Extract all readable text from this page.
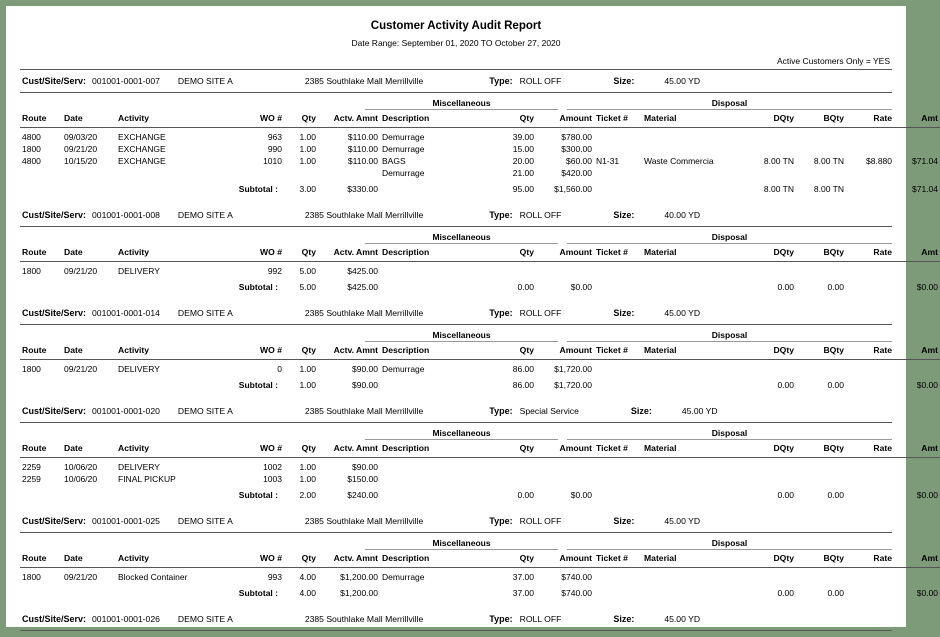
Customer Activity Audit Report
Date Range: September 01, 2020 TO October 27, 2020
Active Customers Only = YES
Cust/Site/Serv: 001001-0001-007 DEMO SITE A	2385 Southlake Mall Merrillville	Type: ROLL OFF	Size:	45.00 YD
Miscellaneous	Disposal
Route	Date	Activity	WO #	Qty	Actv. Amnt	Description	Qty	Amount	Ticket #	Material	DQty	BQty	Rate	Amt

4800	09/03/20	EXCHANGE	963	1.00	$110.00	Demurrage	39.00	$780.00						
1800	09/21/20	EXCHANGE	990	1.00	$110.00	Demurrage	15.00	$300.00						
4800	10/15/20	EXCHANGE	1010	1.00	$110.00	BAGS	20.00	$60.00	N1-31	Waste Commercia	8.00 TN	8.00 TN	$8.880	$71.04
						Demurrage	21.00	$420.00						
			Subtotal :	3.00	$330.00		95.00	$1,560.00			8.00 TN	8.00 TN		$71.04
Cust/Site/Serv: 001001-0001-008 DEMO SITE A	2385 Southlake Mall Merrillville	Type: ROLL OFF	Size:	40.00 YD
Miscellaneous	Disposal
Route	Date	Activity	WO #	Qty	Actv. Amnt	Description	Qty	Amount	Ticket #	Material	DQty	BQty	Rate	Amt

1800	09/21/20	DELIVERY	992	5.00	$425.00									
			Subtotal :	5.00	$425.00		0.00	$0.00			0.00	0.00		$0.00
Cust/Site/Serv: 001001-0001-014 DEMO SITE A	2385 Southlake Mall Merrillville	Type: ROLL OFF	Size:	45.00 YD
Miscellaneous	Disposal
Route	Date	Activity	WO #	Qty	Actv. Amnt	Description	Qty	Amount	Ticket #	Material	DQty	BQty	Rate	Amt

1800	09/21/20	DELIVERY	0	1.00	$90.00	Demurrage	86.00	$1,720.00						
			Subtotal :	1.00	$90.00		86.00	$1,720.00			0.00	0.00		$0.00
Cust/Site/Serv: 001001-0001-020 DEMO SITE A	2385 Southlake Mall Merrillville	Type: Special Service	Size:	45.00 YD
Miscellaneous	Disposal
Route	Date	Activity	WO #	Qty	Actv. Amnt	Description	Qty	Amount	Ticket #	Material	DQty	BQty	Rate	Amt

2259	10/06/20	DELIVERY	1002	1.00	$90.00									
2259	10/06/20	FINAL PICKUP	1003	1.00	$150.00									
			Subtotal :	2.00	$240.00		0.00	$0.00			0.00	0.00		$0.00
Cust/Site/Serv: 001001-0001-025 DEMO SITE A	2385 Southlake Mall Merrillville	Type: ROLL OFF	Size:	45.00 YD
Miscellaneous	Disposal
Route	Date	Activity	WO #	Qty	Actv. Amnt	Description	Qty	Amount	Ticket #	Material	DQty	BQty	Rate	Amt

1800	09/21/20	Blocked Container	993	4.00	$1,200.00	Demurrage	37.00	$740.00						
			Subtotal :	4.00	$1,200.00		37.00	$740.00			0.00	0.00		$0.00
Cust/Site/Serv: 001001-0001-026 DEMO SITE A	2385 Southlake Mall Merrillville	Type: ROLL OFF	Size:	45.00 YD
